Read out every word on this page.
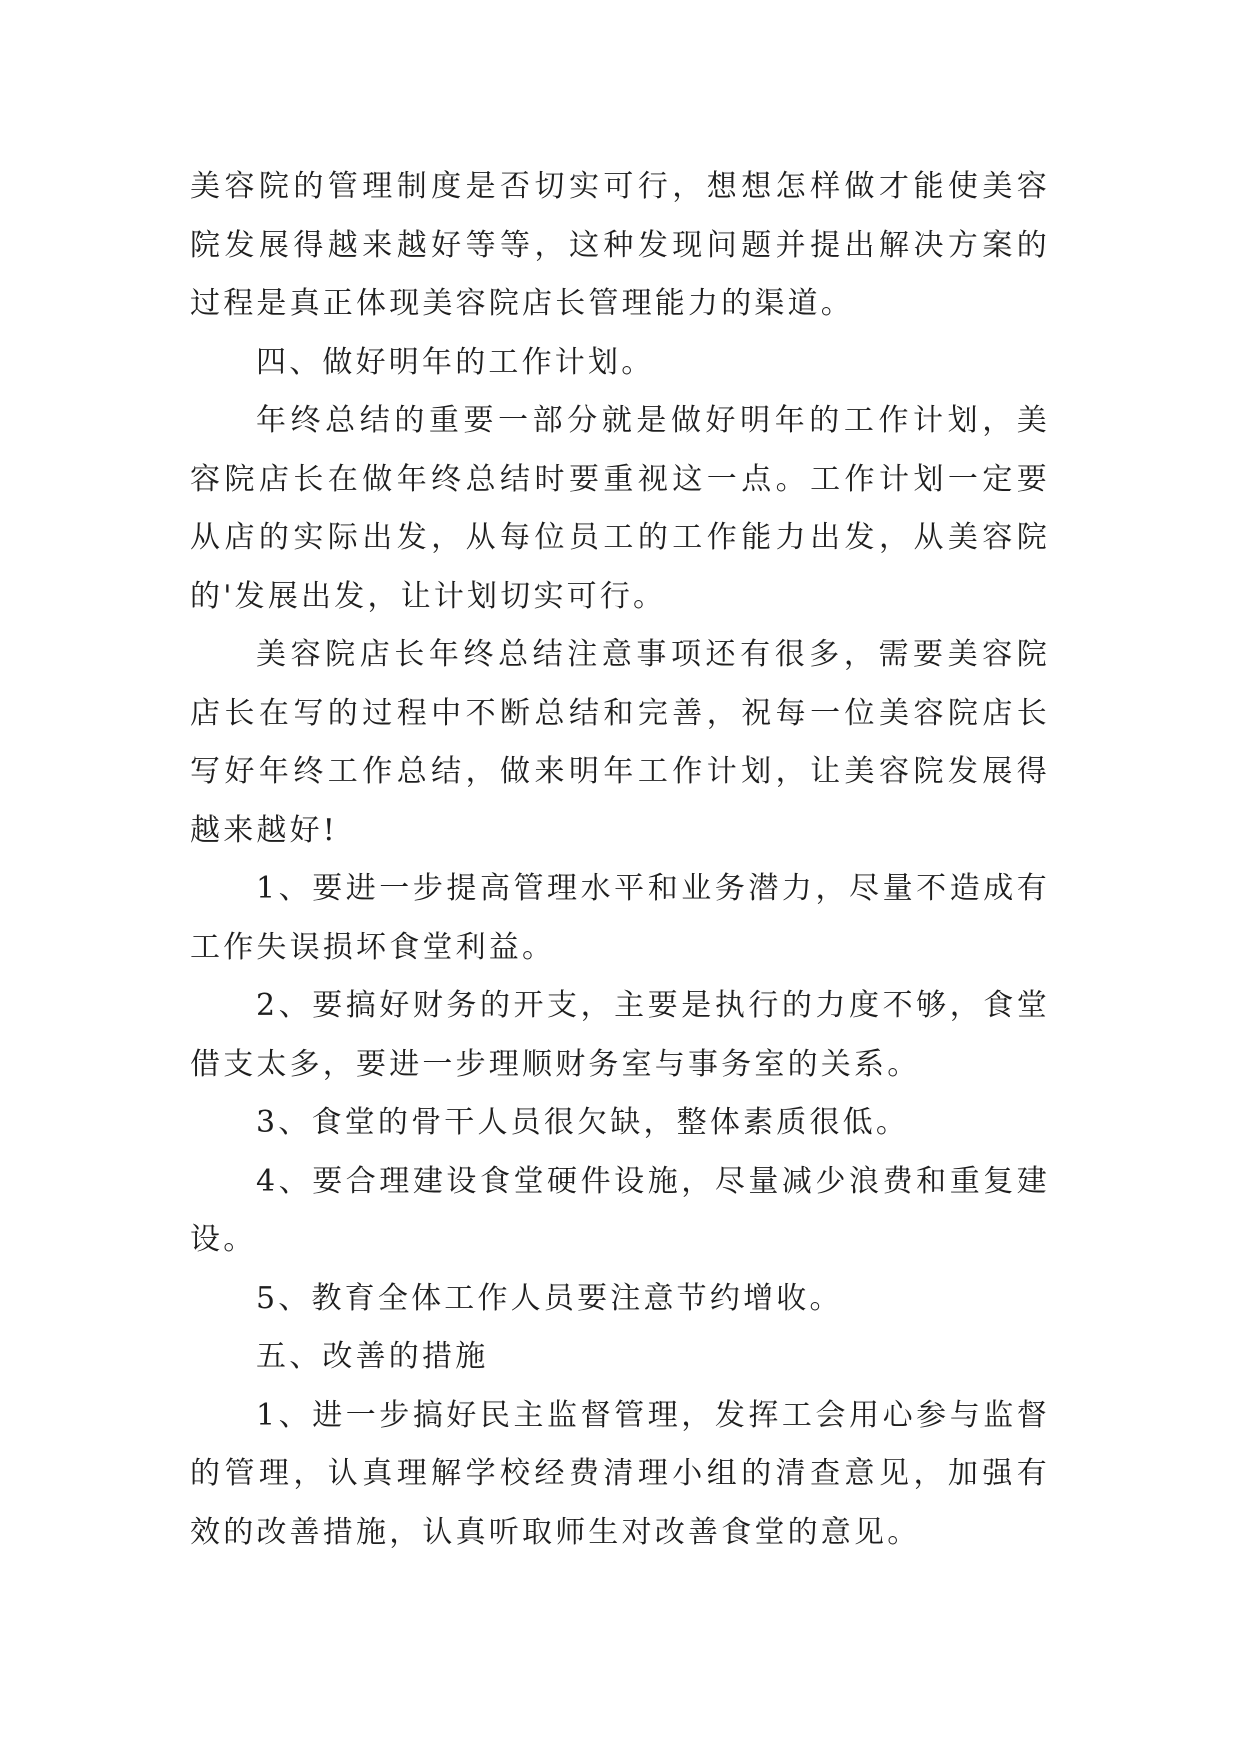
美容院的管理制度是否切实可行，想想怎样做才能使美容院发展得越来越好等等，这种发现问题并提出解决方案的过程是真正体现美容院店长管理能力的渠道。

四、做好明年的工作计划。

年终总结的重要一部分就是做好明年的工作计划，美容院店长在做年终总结时要重视这一点。工作计划一定要从店的实际出发，从每位员工的工作能力出发，从美容院的'发展出发，让计划切实可行。

美容院店长年终总结注意事项还有很多，需要美容院店长在写的过程中不断总结和完善，祝每一位美容院店长写好年终工作总结，做来明年工作计划，让美容院发展得越来越好!

1、要进一步提高管理水平和业务潜力，尽量不造成有工作失误损坏食堂利益。

2、要搞好财务的开支，主要是执行的力度不够，食堂借支太多，要进一步理顺财务室与事务室的关系。

3、食堂的骨干人员很欠缺，整体素质很低。

4、要合理建设食堂硬件设施，尽量减少浪费和重复建设。

5、教育全体工作人员要注意节约增收。

五、改善的措施

1、进一步搞好民主监督管理，发挥工会用心参与监督的管理，认真理解学校经费清理小组的清查意见，加强有效的改善措施，认真听取师生对改善食堂的意见。
